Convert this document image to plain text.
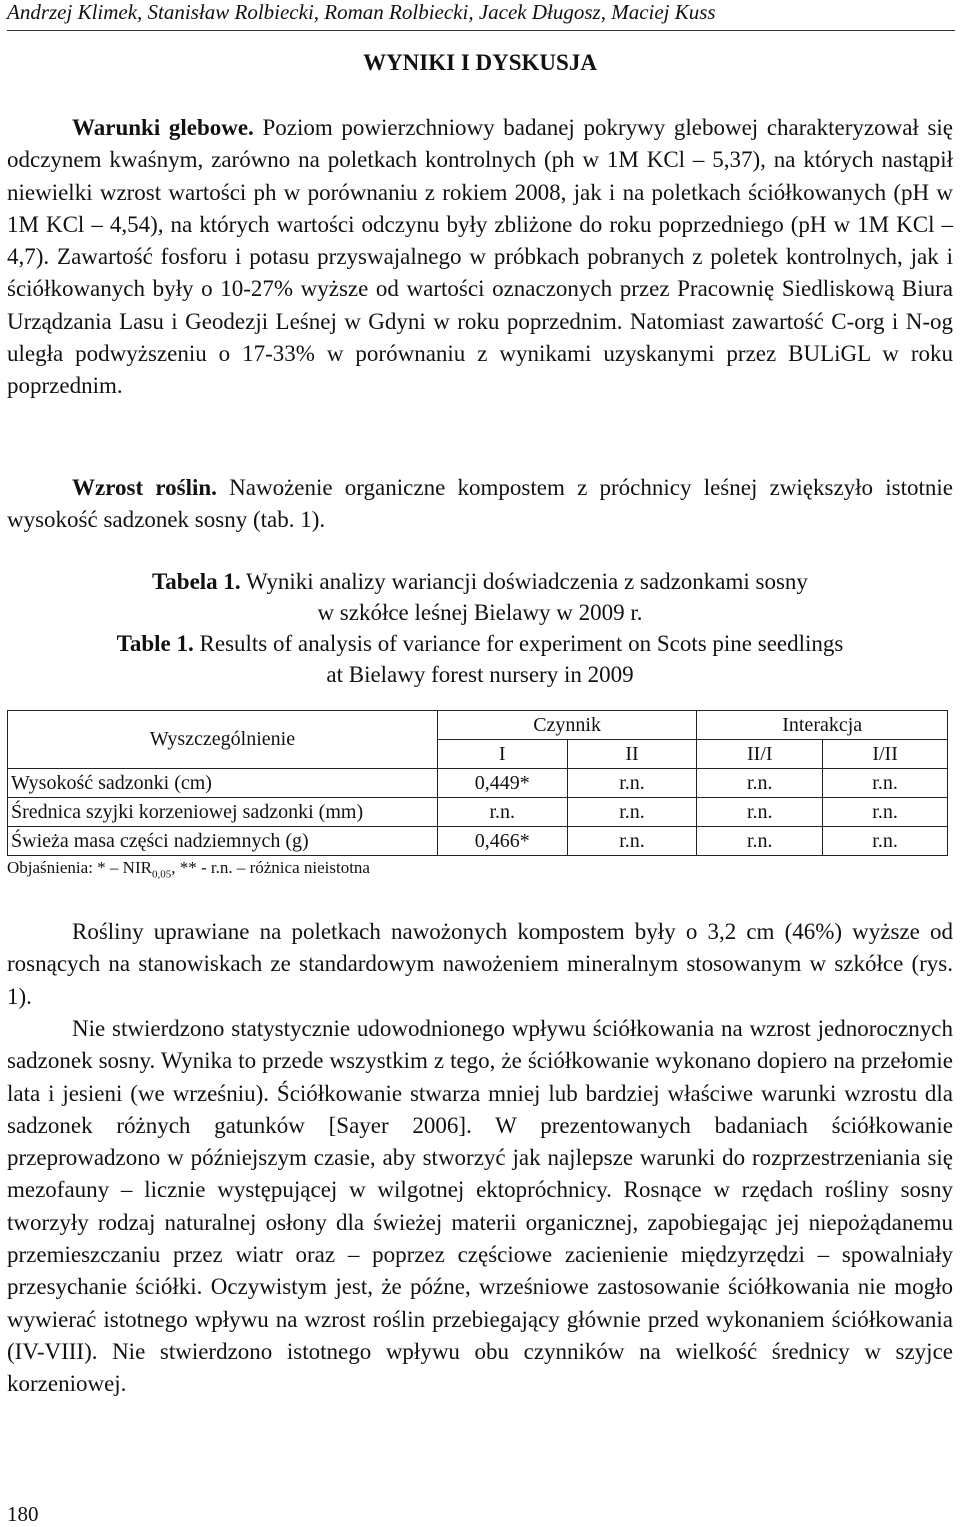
Andrzej Klimek, Stanisław Rolbiecki, Roman Rolbiecki, Jacek Długosz, Maciej Kuss
WYNIKI I DYSKUSJA

Warunki glebowe. Poziom powierzchniowy badanej pokrywy glebowej charakteryzował się odczynem kwaśnym, zarówno na poletkach kontrolnych (ph w 1M KCl – 5,37), na których nastąpił niewielki wzrost wartości ph w porównaniu z rokiem 2008, jak i na poletkach ściółkowanych (pH w 1M KCl – 4,54), na których wartości odczynu były zbliżone do roku poprzedniego (pH w 1M KCl – 4,7). Zawartość fosforu i potasu przyswajalnego w próbkach pobranych z poletek kontrolnych, jak i ściółkowanych były o 10-27% wyższe od wartości oznaczonych przez Pracownię Siedliskową Biura Urządzania Lasu i Geodezji Leśnej w Gdyni w roku poprzednim. Natomiast zawartość C-org i N-og uległa podwyższeniu o 17-33% w porównaniu z wynikami uzyskanymi przez BULiGL w roku poprzednim.

Wzrost roślin. Nawożenie organiczne kompostem z próchnicy leśnej zwiększyło istotnie wysokość sadzonek sosny (tab. 1).

Tabela 1. Wyniki analizy wariancji doświadczenia z sadzonkami sosny
w szkółce leśnej Bielawy w 2009 r.
Table 1. Results of analysis of variance for experiment on Scots pine seedlings
at Bielawy forest nursery in 2009
Wyszczególnienie	Czynnik		Interakcja	
	I	II	II/I	I/II
Wysokość sadzonki (cm)	0,449*	r.n.	r.n.	r.n.
Średnica szyjki korzeniowej sadzonki (mm)	r.n.	r.n.	r.n.	r.n.
Świeża masa części nadziemnych (g)	0,466*	r.n.	r.n.	r.n.
Objaśnienia: * – $NIR_{0,05}$, ** - r.n. – różnica nieistotna

Rośliny uprawiane na poletkach nawożonych kompostem były o 3,2 cm (46%) wyższe od rosnących na stanowiskach ze standardowym nawożeniem mineralnym stosowanym w szkółce (rys. 1).

Nie stwierdzono statystycznie udowodnionego wpływu ściółkowania na wzrost jednorocznych sadzonek sosny. Wynika to przede wszystkim z tego, że ściółkowanie wykonano dopiero na przełomie lata i jesieni (we wrześniu). Ściółkowanie stwarza mniej lub bardziej właściwe warunki wzrostu dla sadzonek różnych gatunków [Sayer 2006]. W prezentowanych badaniach ściółkowanie przeprowadzono w późniejszym czasie, aby stworzyć jak najlepsze warunki do rozprzestrzeniania się mezofauny – licznie występującej w wilgotnej ektopróchnicy. Rosnące w rzędach rośliny sosny tworzyły rodzaj naturalnej osłony dla świeżej materii organicznej, zapobiegając jej niepożądanemu przemieszczaniu przez wiatr oraz – poprzez częściowe zacienienie międzyrzędzi – spowalniały przesychanie ściółki. Oczywistym jest, że późne, wrześniowe zastosowanie ściółkowania nie mogło wywierać istotnego wpływu na wzrost roślin przebiegający głównie przed wykonaniem ściółkowania (IV-VIII). Nie stwierdzono istotnego wpływu obu czynników na wielkość średnicy w szyjce korzeniowej.

180
